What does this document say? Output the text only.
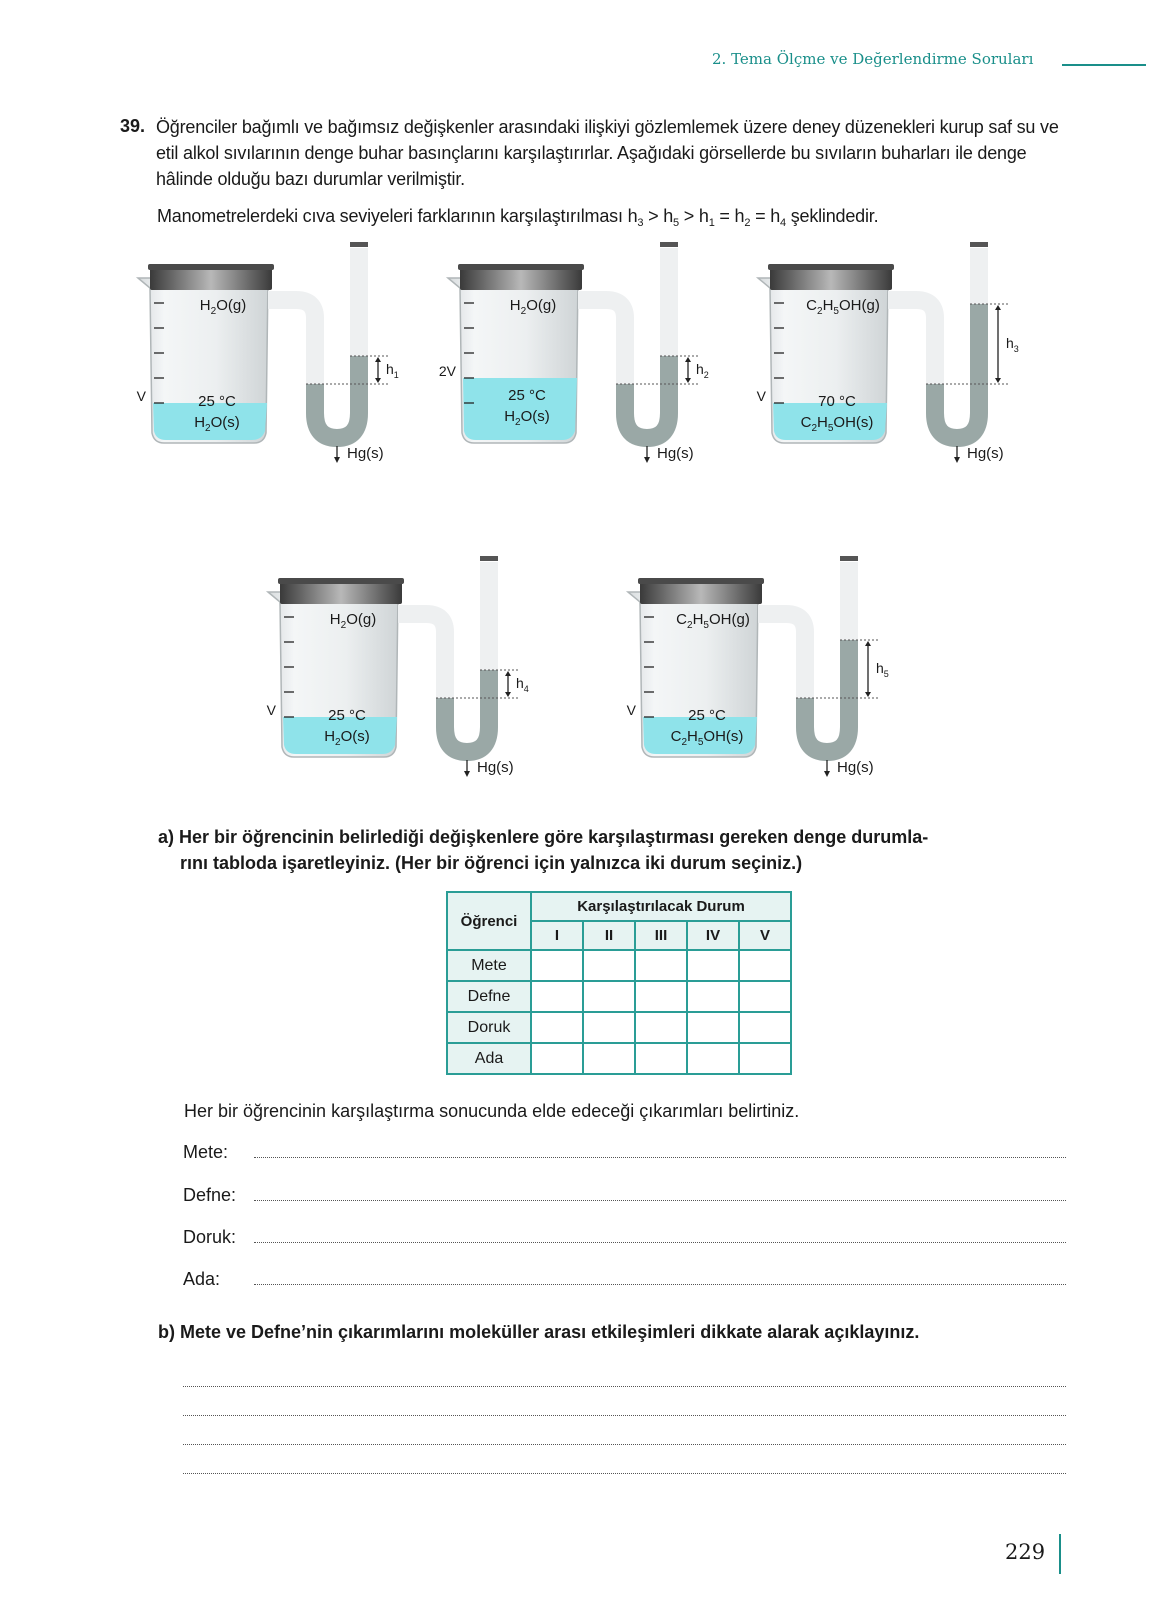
2. Tema Ölçme ve Değerlendirme Soruları
39. Öğrenciler bağımlı ve bağımsız değişkenler arasındaki ilişkiyi gözlemlemek üzere deney düzenekleri kurup saf su ve etil alkol sıvılarının denge buhar basınçlarını karşılaştırırlar. Aşağıdaki görsellerde bu sıvıların buharları ile denge hâlinde olduğu bazı durumlar verilmiştir.
Manometrelerdeki cıva seviyeleri farklarının karşılaştırılması $h_3 > h_5 > h_1 = h_2 = h_4$ şeklindedir.
V
$H_2O(g)$
25 °C
$H_2O(s)$
$h_1$
Hg(s)
2V
$H_2O(g)$
25 °C
$H_2O(s)$
$h_2$
Hg(s)
V
$C_2H_5OH(g)$
70 °C
$C_2H_5OH(s)$
$h_3$
Hg(s)
V
$H_2O(g)$
25 °C
$H_2O(s)$
$h_4$
Hg(s)
V
$C_2H_5OH(g)$
25 °C
$C_2H_5OH(s)$
$h_5$
Hg(s)
a) Her bir öğrencinin belirlediği değişkenlere göre karşılaştırması gereken denge durumla-
rını tabloda işaretleyiniz. (Her bir öğrenci için yalnızca iki durum seçiniz.)
Öğrenci	Karşılaştırılacak Durum				
	I	II	III	IV	V
Mete					
Defne					
Doruk					
Ada					
Her bir öğrencinin karşılaştırma sonucunda elde edeceği çıkarımları belirtiniz.
Mete:
Defne:
Doruk:
Ada:
b) Mete ve Defne’nin çıkarımlarını moleküller arası etkileşimleri dikkate alarak açıklayınız.
229
